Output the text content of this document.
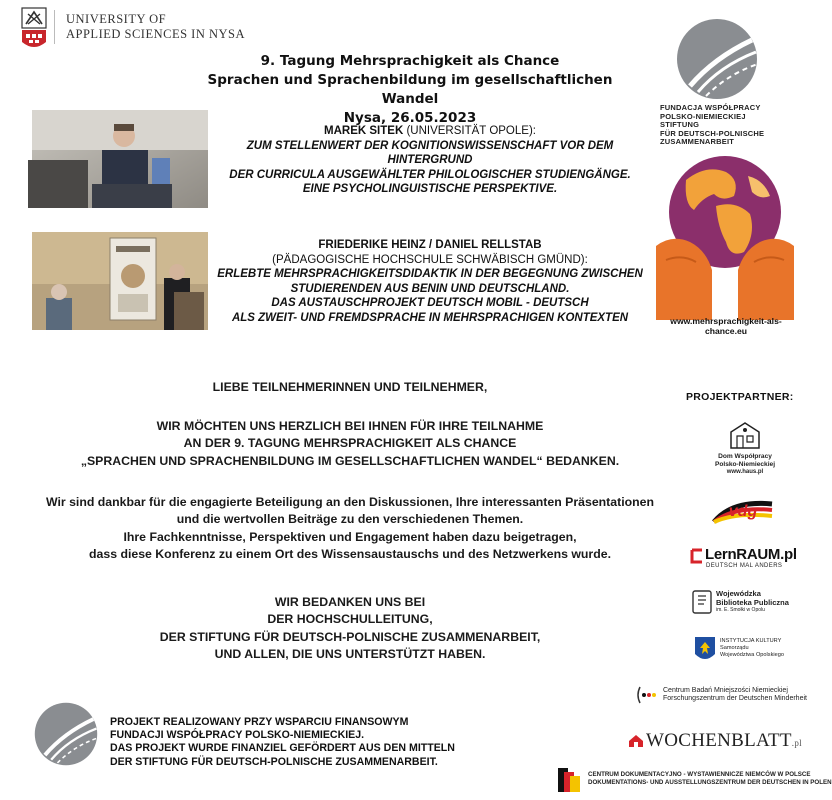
UNIVERSITY OF
APPLIED SCIENCES IN NYSA
9. Tagung Mehrsprachigkeit als Chance
Sprachen und Sprachenbildung im gesellschaftlichen Wandel
Nysa, 26.05.2023
FUNDACJA WSPÓŁPRACY
POLSKO-NIEMIECKIEJ
STIFTUNG
FÜR DEUTSCH-POLNISCHE
ZUSAMMENARBEIT
MAREK SITEK (UNIVERSITÄT OPOLE):
ZUM STELLENWERT DER KOGNITIONSWISSENSCHAFT VOR DEM HINTERGRUND
DER CURRICULA AUSGEWÄHLTER PHILOLOGISCHER STUDIENGÄNGE.
EINE PSYCHOLINGUISTISCHE PERSPEKTIVE.
FRIEDERIKE HEINZ / DANIEL RELLSTAB
(PÄDAGOGISCHE HOCHSCHULE SCHWÄBISCH GMÜND):
ERLEBTE MEHRSPRACHIGKEITSDIDAKTIK IN DER BEGEGNUNG ZWISCHEN
STUDIERENDEN AUS BENIN UND DEUTSCHLAND.
DAS AUSTAUSCHPROJEKT DEUTSCH MOBIL - DEUTSCH
ALS ZWEIT- UND FREMDSPRACHE IN MEHRSPRACHIGEN KONTEXTEN	www.mehrsprachigkeit-als-chance.eu
LIEBE TEILNEHMERINNEN UND TEILNEHMER,
WIR MÖCHTEN UNS HERZLICH BEI IHNEN FÜR IHRE TEILNAHME
AN DER 9. TAGUNG MEHRSPRACHIGKEIT ALS CHANCE
„SPRACHEN UND SPRACHENBILDUNG IM GESELLSCHAFTLICHEN WANDEL“ BEDANKEN.
Wir sind dankbar für die engagierte Beteiligung an den Diskussionen, Ihre interessanten Präsentationen
und die wertvollen Beiträge zu den verschiedenen Themen.
Ihre Fachkenntnisse, Perspektiven und Engagement haben dazu beigetragen,
dass diese Konferenz zu einem Ort des Wissensaustauschs und des Netzwerkens wurde.
WIR BEDANKEN UNS BEI
DER HOCHSCHULLEITUNG,
DER STIFTUNG FÜR DEUTSCH-POLNISCHE ZUSAMMENARBEIT,
UND ALLEN, DIE UNS UNTERSTÜTZT HABEN.
PROJEKTPARTNER:
Dom Współpracy
Polsko-Niemieckiej
www.haus.pl
vdg
LernRAUM.pl
DEUTSCH MAL ANDERS
Wojewódzka
Biblioteka Publiczna
im. E. Smołki w Opolu
INSTYTUCJA KULTURY
Samorządu
Województwa Opolskiego
Centrum Badań Mniejszości Niemieckiej
Forschungszentrum der Deutschen Minderheit
WOCHENBLATT.pl
CENTRUM DOKUMENTACYJNO - WYSTAWIENNICZE NIEMCÓW W POLSCE
DOKUMENTATIONS- UND AUSSTELLUNGSZENTRUM DER DEUTSCHEN IN POLEN
PROJEKT REALIZOWANY PRZY WSPARCIU FINANSOWYM
FUNDACJI WSPÓŁPRACY POLSKO-NIEMIECKIEJ.
DAS PROJEKT WURDE FINANZIEL GEFÖRDERT AUS DEN MITTELN
DER STIFTUNG FÜR DEUTSCH-POLNISCHE ZUSAMMENARBEIT.
